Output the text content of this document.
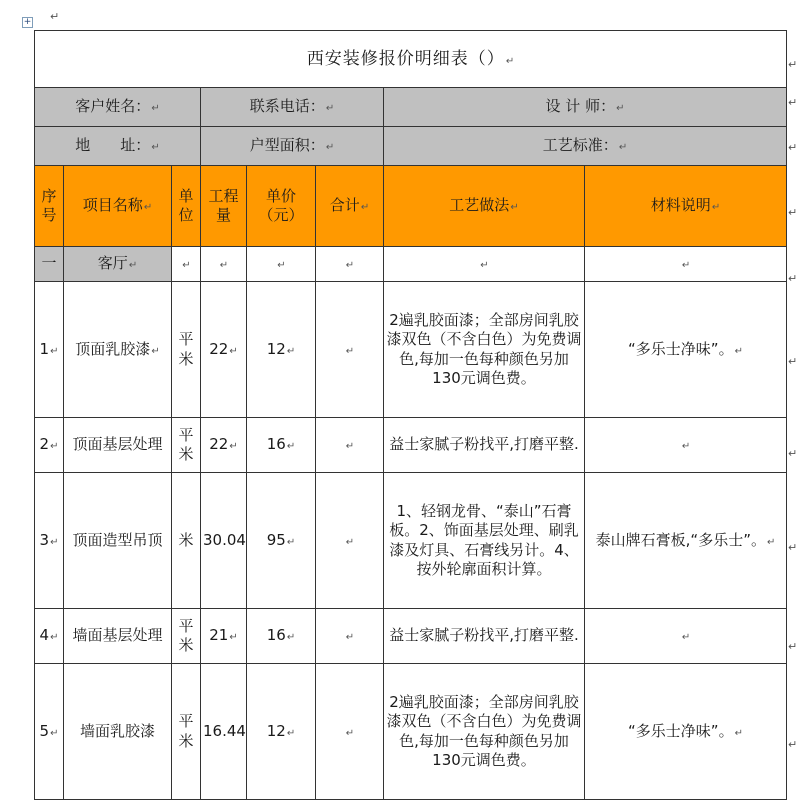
+ ↵
西安装修报价明细表（）↵							
客户姓名：↵			联系电话：↵			设 计 师：↵	
地　　址：↵			户型面积：↵			工艺标准：↵	
序号	项目名称↵	单位	工程量	单价（元）	合计↵	工艺做法↵	材料说明↵
一	客厅↵	↵	↵	↵	↵	↵	↵
1↵	顶面乳胶漆↵	平米	22↵	12↵	↵	2遍乳胶面漆；全部房间乳胶漆双色（不含白色）为免费调色,每加一色每种颜色另加130元调色费。	“多乐士净味”。↵
2↵	顶面基层处理	平米	22↵	16↵	↵	益士家腻子粉找平,打磨平整.	↵
3↵	顶面造型吊顶	米	30.04	95↵	↵	1、轻钢龙骨、“泰山”石膏板。2、饰面基层处理、刷乳漆及灯具、石膏线另计。4、按外轮廓面积计算。	泰山牌石膏板,“多乐士”。↵
4↵	墙面基层处理	平米	21↵	16↵	↵	益士家腻子粉找平,打磨平整.	↵
5↵	墙面乳胶漆	平米	16.44	12↵	↵	2遍乳胶面漆；全部房间乳胶漆双色（不含白色）为免费调色,每加一色每种颜色另加130元调色费。	“多乐士净味”。↵
↵
↵
↵
↵
↵
↵
↵
↵
↵
↵
